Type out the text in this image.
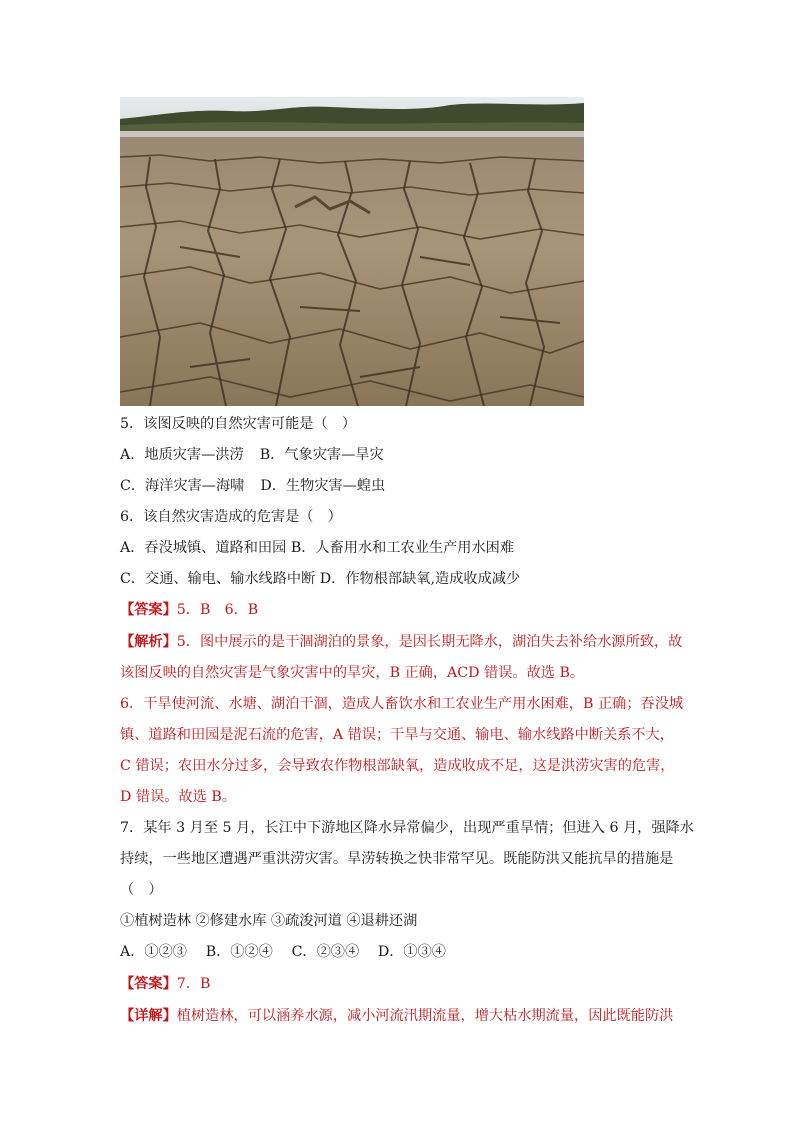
5．该图反映的自然灾害可能是（　）
A．地质灾害—洪涝 B．气象灾害—旱灾
C．海洋灾害—海啸 D．生物灾害—蝗虫
6．该自然灾害造成的危害是（　）
A．吞没城镇、道路和田园 B．人畜用水和工农业生产用水困难
C．交通、输电、输水线路中断 D．作物根部缺氧,造成收成减少
【答案】5．B　6．B
【解析】5．图中展示的是干涸湖泊的景象，是因长期无降水，湖泊失去补给水源所致，故
该图反映的自然灾害是气象灾害中的旱灾，B 正确，ACD 错误。故选 B。
6．干旱使河流、水塘、湖泊干涸，造成人畜饮水和工农业生产用水困难，B 正确；吞没城
镇、道路和田园是泥石流的危害，A 错误；干旱与交通、输电、输水线路中断关系不大，
C 错误；农田水分过多，会导致农作物根部缺氧，造成收成不足，这是洪涝灾害的危害，
D 错误。故选 B。
7．某年 3 月至 5 月，长江中下游地区降水异常偏少，出现严重旱情；但进入 6 月，强降水
持续，一些地区遭遇严重洪涝灾害。旱涝转换之快非常罕见。既能防洪又能抗旱的措施是
（　）
①植树造林 ②修建水库 ③疏浚河道 ④退耕还湖
A．①②③　 B．①②④　 C．②③④　 D．①③④
【答案】7．B
【详解】植树造林，可以涵养水源，减小河流汛期流量，增大枯水期流量，因此既能防洪
